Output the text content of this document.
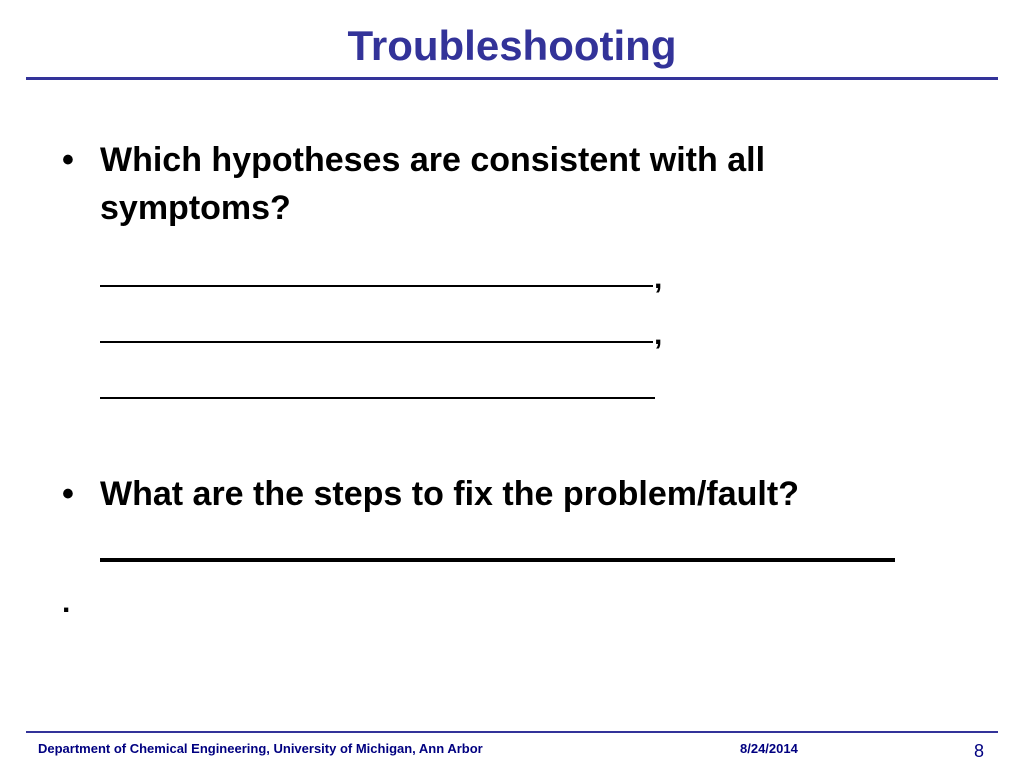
Troubleshooting
• Which hypotheses are consistent with all
symptoms?
,
,
• What are the steps to fix the problem/fault?
.
Department of Chemical Engineering, University of Michigan, Ann Arbor	8/24/2014	8
